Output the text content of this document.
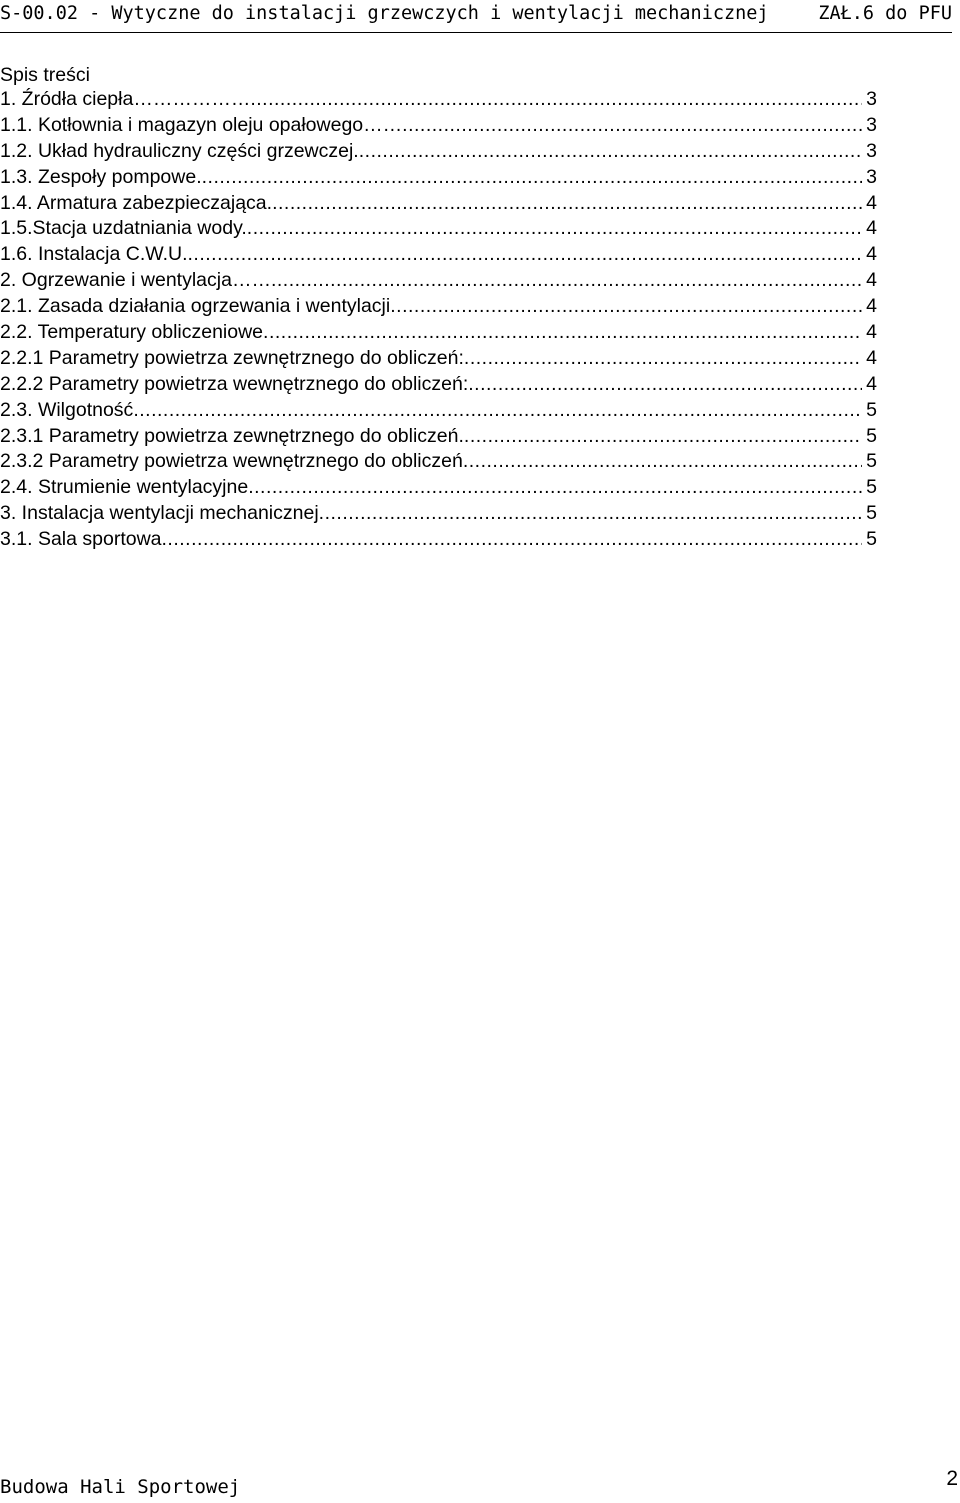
S-00.02 - Wytyczne do instalacji grzewczych i wentylacji mechanicznej	ZAŁ.6 do PFU
Spis treści
1. Źródła ciepła……………… .....	3
1.1. Kotłownia i magazyn oleju opałowego…… .....	3
1.2. Układ hydrauliczny części grzewczej. .....	3
1.3. Zespoły pompowe. .....	3
1.4. Armatura zabezpieczająca. .....	4
1.5.Stacja uzdatniania wody. .....	4
1.6. Instalacja C.W.U. .....	4
2. Ogrzewanie i wentylacja…… .....	4
2.1. Zasada działania ogrzewania i wentylacji .....	4
2.2. Temperatury obliczeniowe .....	4
2.2.1 Parametry powietrza zewnętrznego do obliczeń: .....	4
2.2.2 Parametry powietrza wewnętrznego do obliczeń: .....	4
2.3. Wilgotność .....	5
2.3.1 Parametry powietrza zewnętrznego do obliczeń. .....	5
2.3.2 Parametry powietrza wewnętrznego do obliczeń .....	5
2.4. Strumienie wentylacyjne .....	5
3. Instalacja wentylacji mechanicznej .....	5
3.1. Sala sportowa .....	5
Budowa Hali Sportowej	2
